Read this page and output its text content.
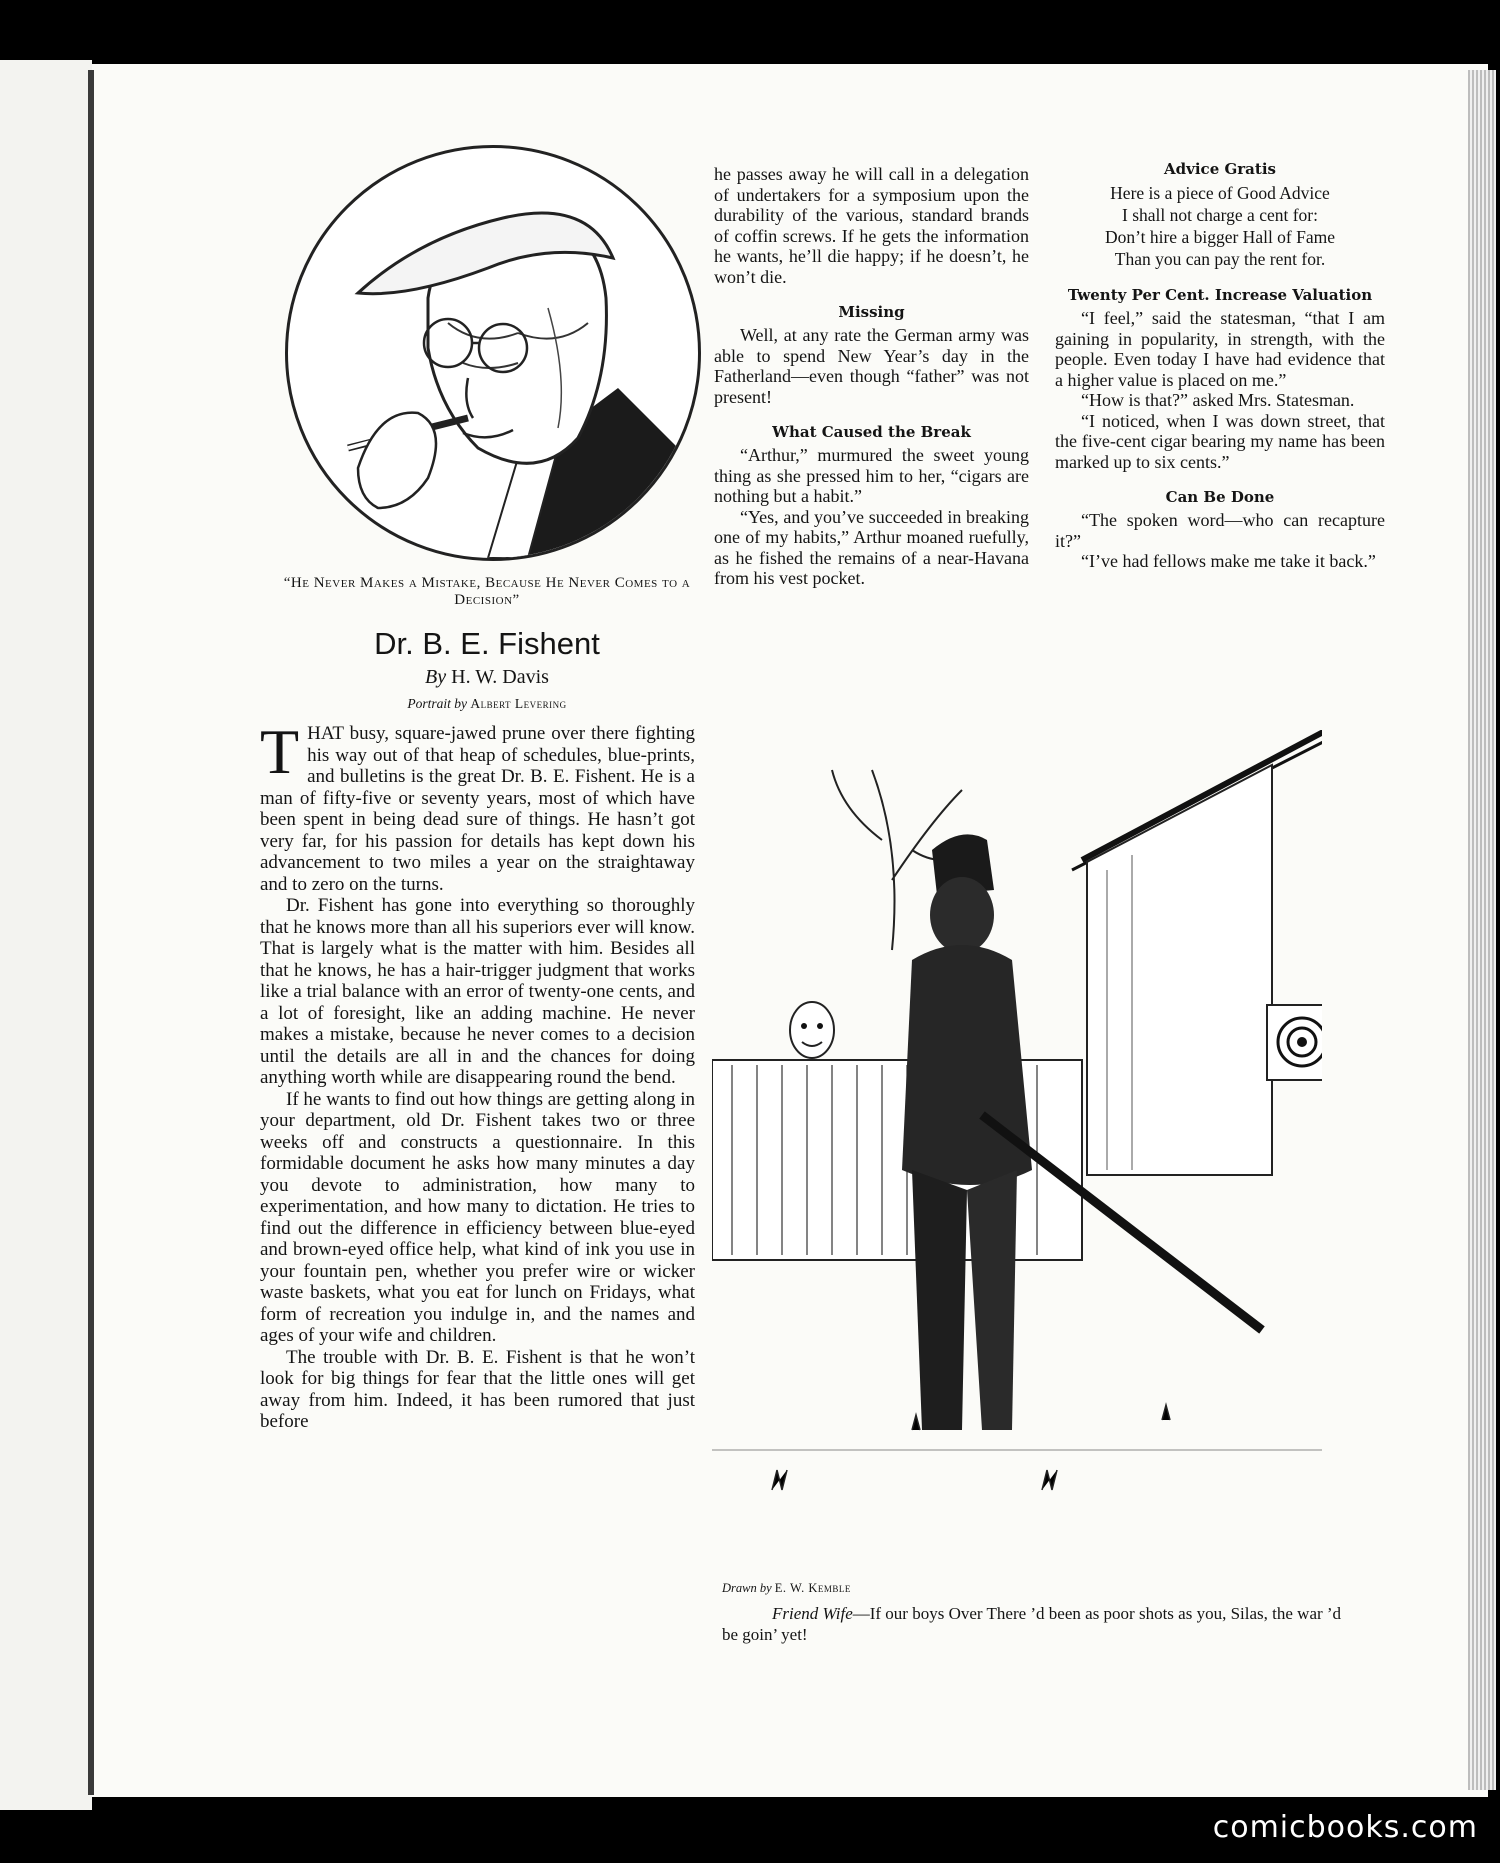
“He Never Makes a Mistake, Because He Never Comes to a Decision”
Dr. B. E. Fishent
By H. W. Davis
Portrait by Albert Levering

THAT busy, square-jawed prune over there fighting his way out of that heap of schedules, blue-prints, and bulletins is the great Dr. B. E. Fishent. He is a man of fifty-five or seventy years, most of which have been spent in being dead sure of things. He hasn’t got very far, for his passion for details has kept down his advancement to two miles a year on the straightaway and to zero on the turns.

Dr. Fishent has gone into everything so thoroughly that he knows more than all his superiors ever will know. That is largely what is the matter with him. Besides all that he knows, he has a hair-trigger judgment that works like a trial balance with an error of twenty-one cents, and a lot of foresight, like an adding machine. He never makes a mistake, because he never comes to a decision until the details are all in and the chances for doing anything worth while are disappearing round the bend.

If he wants to find out how things are getting along in your department, old Dr. Fishent takes two or three weeks off and constructs a questionnaire. In this formidable document he asks how many minutes a day you devote to administration, how many to experimentation, and how many to dictation. He tries to find out the difference in efficiency between blue-eyed and brown-eyed office help, what kind of ink you use in your fountain pen, whether you prefer wire or wicker waste baskets, what you eat for lunch on Fridays, what form of recreation you indulge in, and the names and ages of your wife and children.

The trouble with Dr. B. E. Fishent is that he won’t look for big things for fear that the little ones will get away from him. Indeed, it has been rumored that just before

he passes away he will call in a delegation of undertakers for a symposium upon the durability of the various, standard brands of coffin screws. If he gets the information he wants, he’ll die happy; if he doesn’t, he won’t die.

Missing

Well, at any rate the German army was able to spend New Year’s day in the Fatherland—even though “father” was not present!

What Caused the Break

“Arthur,” murmured the sweet young thing as she pressed him to her, “cigars are nothing but a habit.”

“Yes, and you’ve succeeded in breaking one of my habits,” Arthur moaned ruefully, as he fished the remains of a near-Havana from his vest pocket.

Advice Gratis
Here is a piece of Good Advice
I shall not charge a cent for:
Don’t hire a bigger Hall of Fame
Than you can pay the rent for.
Twenty Per Cent. Increase Valuation

“I feel,” said the statesman, “that I am gaining in popularity, in strength, with the people. Even today I have had evidence that a higher value is placed on me.”

“How is that?” asked Mrs. Statesman.

“I noticed, when I was down street, that the five-cent cigar bearing my name has been marked up to six cents.”

Can Be Done

“The spoken word—who can recapture it?”

“I’ve had fellows make me take it back.”

Drawn by E. W. Kemble
Friend Wife—If our boys Over There ’d been as poor shots as you, Silas, the war ’d be goin’ yet!
comicbooks.com
